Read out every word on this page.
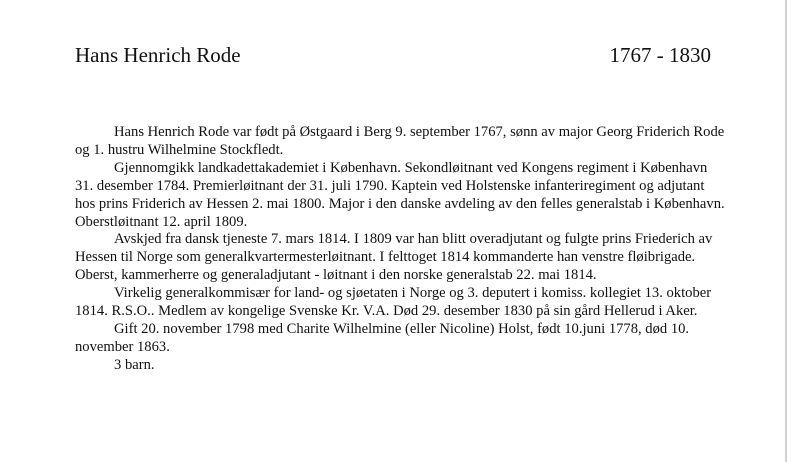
Hans Henrich Rode	1767 - 1830

Hans Henrich Rode var født på Østgaard i Berg 9. september 1767, sønn av major Georg Friderich Rode og 1. hustru Wilhelmine Stockfledt.

Gjennomgikk landkadettakademiet i København. Sekondløitnant ved Kongens regiment i København 31. desember 1784. Premierløitnant der 31. juli 1790. Kaptein ved Holstenske infanteriregiment og adjutant hos prins Friderich av Hessen 2. mai 1800. Major i den danske avdeling av den felles generalstab i København. Oberstløitnant 12. april 1809.

Avskjed fra dansk tjeneste 7. mars 1814. I 1809 var han blitt overadjutant og fulgte prins Friederich av Hessen til Norge som generalkvartermesterløitnant. I felttoget 1814 kommanderte han venstre fløibrigade. Oberst, kammerherre og generaladjutant - løitnant i den norske generalstab 22. mai 1814.

Virkelig generalkommisær for land- og sjøetaten i Norge og 3. deputert i komiss. kollegiet 13. oktober 1814. R.S.O.. Medlem av kongelige Svenske Kr. V.A. Død 29. desember 1830 på sin gård Hellerud i Aker.

Gift 20. november 1798 med Charite Wilhelmine (eller Nicoline) Holst, født 10.juni 1778, død 10. november 1863.

3 barn.
